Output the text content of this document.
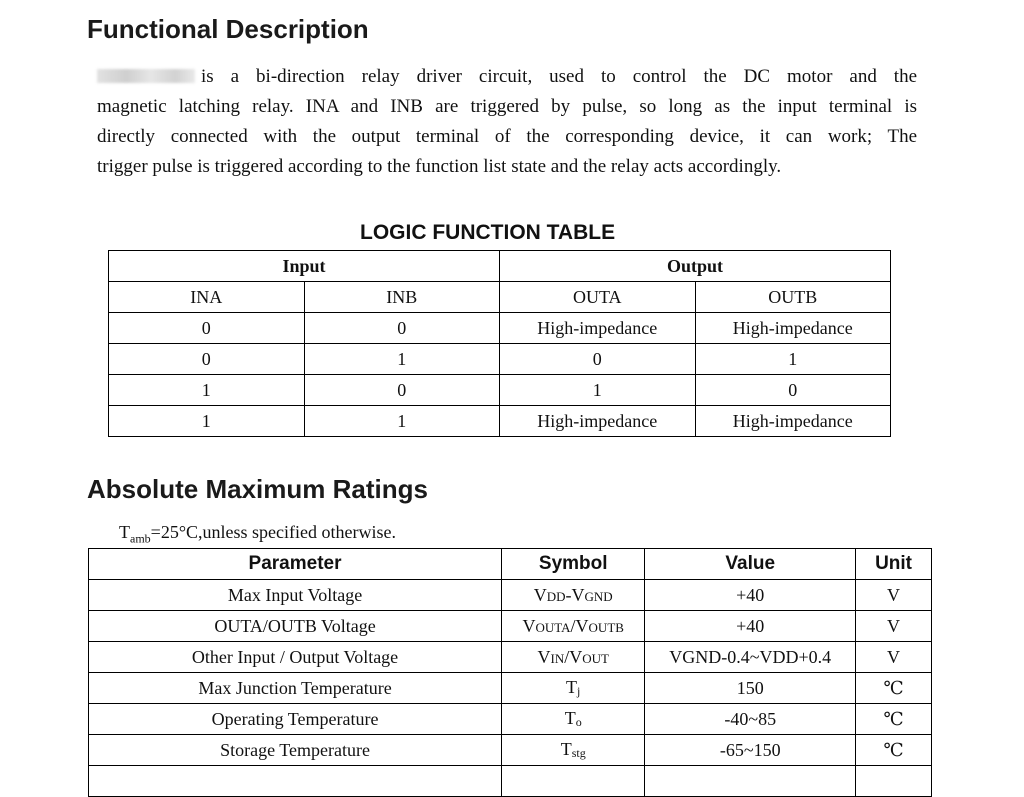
Functional Description
is a bi-direction relay driver circuit, used to control the DC motor and the
magnetic latching relay. INA and INB are triggered by pulse, so long as the input terminal is
directly connected with the output terminal of the corresponding device, it can work; The
trigger pulse is triggered according to the function list state and the relay acts accordingly.
LOGIC FUNCTION TABLE
Input		Output	
INA	INB	OUTA	OUTB
0	0	High-impedance	High-impedance
0	1	0	1
1	0	1	0
1	1	High-impedance	High-impedance
Absolute Maximum Ratings

$T_{amb}=25^\circ C,unless$ specified otherwise.

Parameter	Symbol	Value	Unit
Max Input Voltage	VDD-VGND	+40	V
OUTA/OUTB Voltage	VOUTA/VOUTB	+40	V
Other Input / Output Voltage	VIN/VOUT	VGND-0.4~VDD+0.4	V
Max Junction Temperature	$T_j$	150	℃
Operating Temperature	$T_o$	-40~85	℃
Storage Temperature	$T_{stg}$	-65~150	℃
